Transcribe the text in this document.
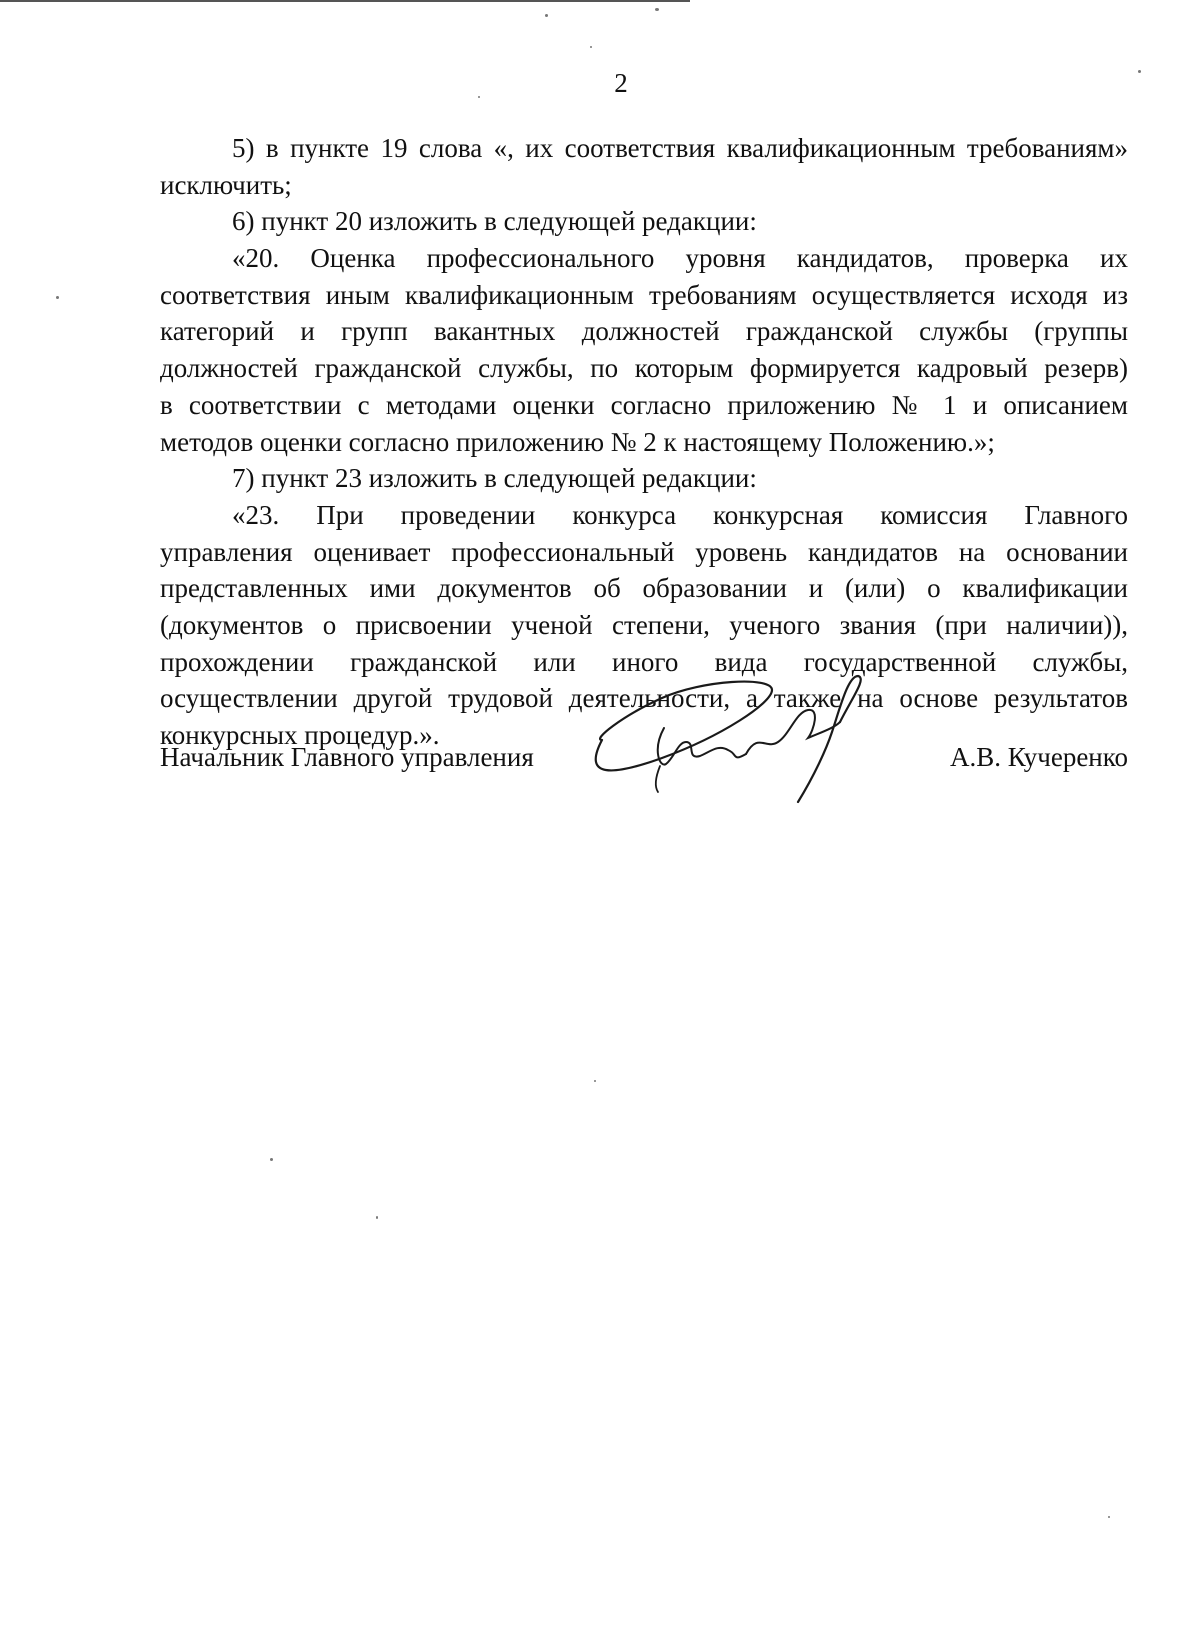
2
5) в пункте 19 слова «, их соответствия квалификационным требованиям»
исключить;
6) пункт 20 изложить в следующей редакции:
«20. Оценка профессионального уровня кандидатов, проверка их
соответствия иным квалификационным требованиям осуществляется исходя из
категорий и групп вакантных должностей гражданской службы (группы
должностей гражданской службы, по которым формируется кадровый резерв)
в соответствии с методами оценки согласно приложению № 1 и описанием
методов оценки согласно приложению № 2 к настоящему Положению.»;
7) пункт 23 изложить в следующей редакции:
«23. При проведении конкурса конкурсная комиссия Главного
управления оценивает профессиональный уровень кандидатов на основании
представленных ими документов об образовании и (или) о квалификации
(документов о присвоении ученой степени, ученого звания (при наличии)),
прохождении гражданской или иного вида государственной службы,
осуществлении другой трудовой деятельности, а также на основе результатов
конкурсных процедур.».
Начальник Главного управления	А.В. Кучеренко
